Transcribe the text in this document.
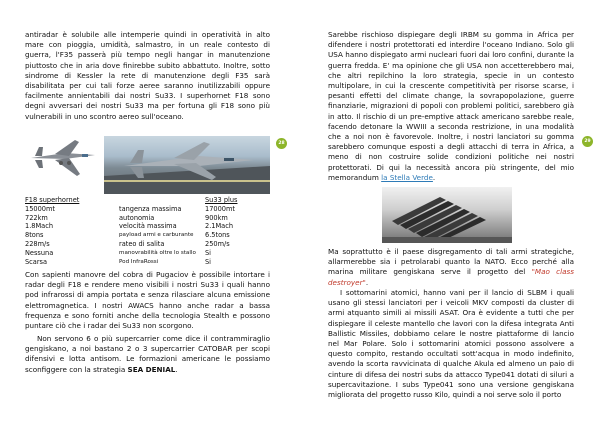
antiradar è solubile alle intemperie quindi in operatività in alto mare con pioggia, umidità, salmastro, in un reale contesto di guerra, l'F35 passerà più tempo negli hangar in manutenzione piuttosto che in aria dove finirebbe subito abbattuto. Inoltre, sotto sindrome di Kessler la rete di manutenzione degli F35 sarà disabilitata per cui tali forze aeree saranno inutilizzabili oppure facilmente annientabili dai nostri Su33. I superhornet F18 sono degni avversari dei nostri Su33 ma per fortuna gli F18 sono più vulnerabili in uno scontro aereo sull'oceano.

28
F18 superhornet
15000mt
722km
1.8Mach
8tons
228m/s
Nessuna
Scarsa

tangenza massima
autonomia
velocità massima
payload armi e carburante
rateo di salita
manovrabilità oltre lo stallo
Pod InfraRossi
Su33 plus
17000mt
900km
2.1Mach
6.5tons
250m/s
Si
Si

Con sapienti manovre del cobra di Pugaciov è possibile intortare i radar degli F18 e rendere meno visibili i nostri Su33 i quali hanno pod infrarossi di ampia portata e senza rilasciare alcuna emissione elettromagnetica. I nostri AWACS hanno anche radar a bassa frequenza e sono forniti anche della tecnologia Stealth e possono puntare ciò che i radar dei Su33 non scorgono.

Non servono 6 o più supercarrier come dice il contrammiraglio gengiskano, a noi bastano 2 o 3 supercarrier CATOBAR per scopi difensivi e lotta antisom. Le formazioni americane le possiamo sconfiggere con la strategia SEA DENIAL.

Sarebbe rischioso dispiegare degli IRBM su gomma in Africa per difendere i nostri protettorati ed interdire l'oceano Indiano. Solo gli USA hanno dispiegato armi nucleari fuori dai loro confini, durante la guerra fredda. E' ma opinione che gli USA non accetterebbero mai, che altri repilchino la loro strategia, specie in un contesto multipolare, in cui la crescente competitività per risorse scarse, i pesanti effetti del climate change, la sovrapopolazione, guerre finanziarie, migrazioni di popoli con problemi politici, sarebbero già in atto. Il rischio di un pre-emptive attack americano sarebbe reale, facendo detonare la WWIII a seconda restrizione, in una modalità che a noi non è favorevole. Inoltre, i nostri lanciatori su gomma sarebbero comunque esposti a degli attacchi di terra in Africa, a meno di non costruire solide condizioni politiche nei nostri protettorati. Di qui la necessità ancora più stringente, del mio memorandum la Stella Verde.

29

Ma soprattutto è il paese disgregamento di tali armi strategiche, allarmerebbe sia i petrolarabi quanto la NATO. Ecco perché alla marina militare gengiskana serve il progetto del "Mao class destroyer".

I sottomarini atomici, hanno vani per il lancio di SLBM i quali usano gli stessi lanciatori per i veicoli MKV composti da cluster di armi atquanto simili ai missili ASAT. Ora è evidente a tutti che per dispiegare il celeste mantello che lavori con la difesa integrata Anti Ballistic Missiles, dobbiamo celare le nostre piattaforme di lancio nel Mar Polare. Solo i sottomarini atomici possono assolvere a questo compito, restando occultati sott'acqua in modo indefinito, avendo la scorta ravvicinata di qualche Akula ed almeno un paio di cinture di difesa dei nostri subs da attacco Type041 dotati di siluri a supercavitazione. I subs Type041 sono una versione gengiskana migliorata del progetto russo Kilo, quindi a noi serve solo il porto
